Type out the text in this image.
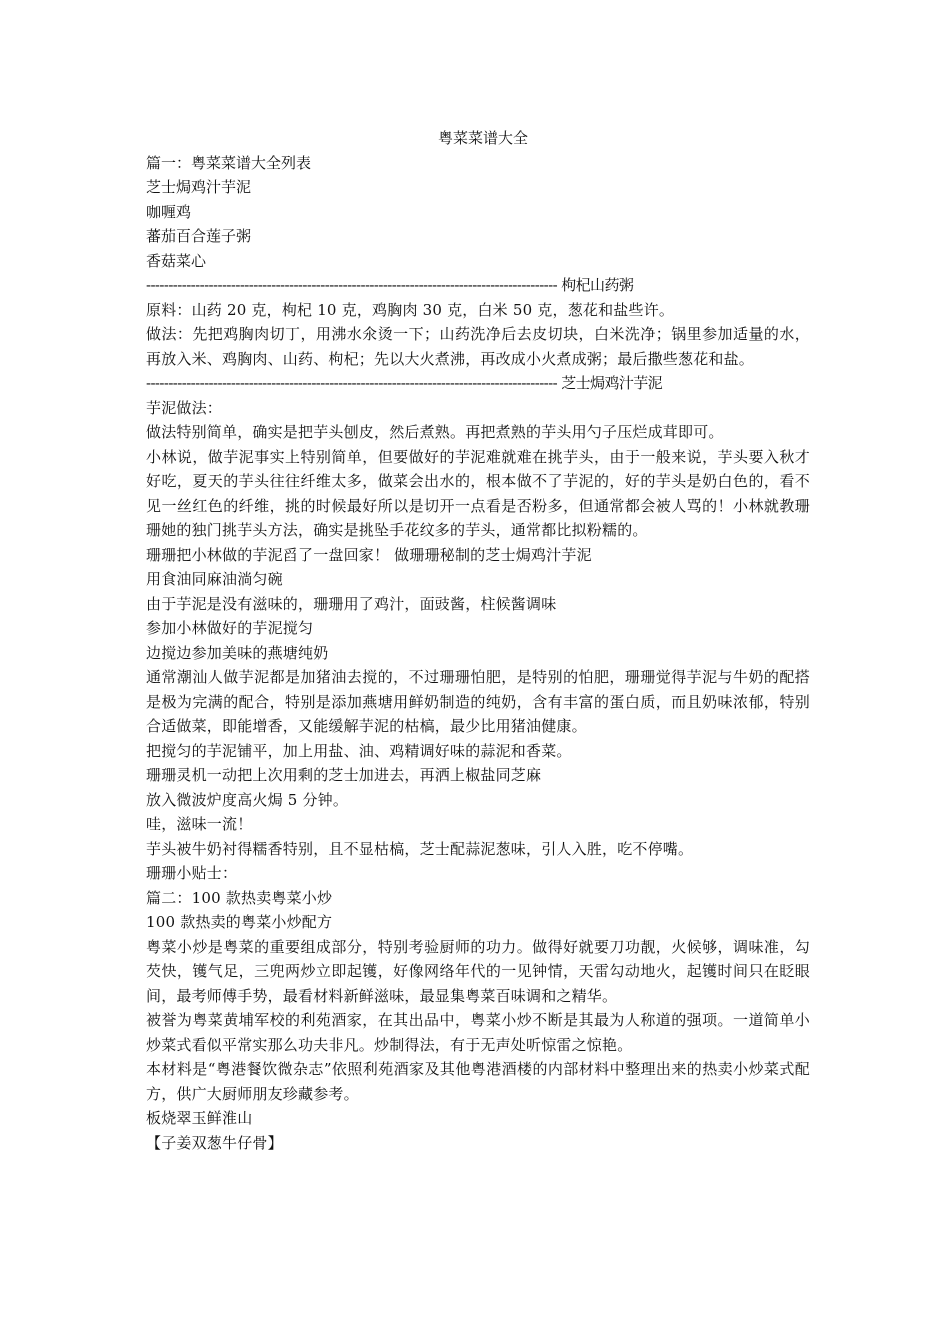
粤菜菜谱大全

篇一：粤菜菜谱大全列表

芝士焗鸡汁芋泥

咖喱鸡

蕃茄百合莲子粥

香菇菜心

-------------------------------------------------------------------------------------------- 枸杞山药粥

原料：山药 20 克，枸杞 10 克，鸡胸肉 30 克，白米 50 克，葱花和盐些许。

做法：先把鸡胸肉切丁，用沸水氽烫一下；山药洗净后去皮切块，白米洗净；锅里参加适量的水，再放入米、鸡胸肉、山药、枸杞；先以大火煮沸，再改成小火煮成粥；最后撒些葱花和盐。

-------------------------------------------------------------------------------------------- 芝士焗鸡汁芋泥

芋泥做法：

做法特别简单，确实是把芋头刨皮，然后煮熟。再把煮熟的芋头用勺子压烂成茸即可。

小林说，做芋泥事实上特别简单，但要做好的芋泥难就难在挑芋头，由于一般来说，芋头要入秋才好吃，夏天的芋头往往纤维太多，做菜会出水的，根本做不了芋泥的，好的芋头是奶白色的，看不见一丝红色的纤维，挑的时候最好所以是切开一点看是否粉多，但通常都会被人骂的！小林就教珊珊她的独门挑芋头方法，确实是挑坠手花纹多的芋头，通常都比拟粉糯的。

珊珊把小林做的芋泥舀了一盘回家！ 做珊珊秘制的芝士焗鸡汁芋泥

用食油同麻油淌匀碗

由于芋泥是没有滋味的，珊珊用了鸡汁，面豉酱，柱候酱调味

参加小林做好的芋泥搅匀

边搅边参加美味的燕塘纯奶

通常潮汕人做芋泥都是加猪油去搅的，不过珊珊怕肥，是特别的怕肥，珊珊觉得芋泥与牛奶的配搭是极为完满的配合，特别是添加燕塘用鲜奶制造的纯奶，含有丰富的蛋白质，而且奶味浓郁，特别合适做菜，即能增香，又能缓解芋泥的枯槁，最少比用猪油健康。

把搅匀的芋泥铺平，加上用盐、油、鸡精调好味的蒜泥和香菜。

珊珊灵机一动把上次用剩的芝士加进去，再洒上椒盐同芝麻

放入微波炉度高火焗 5 分钟。

哇，滋味一流！

芋头被牛奶衬得糯香特别，且不显枯槁，芝士配蒜泥葱味，引人入胜，吃不停嘴。

珊珊小贴士：

篇二：100 款热卖粤菜小炒

100 款热卖的粤菜小炒配方

粤菜小炒是粤菜的重要组成部分，特别考验厨师的功力。做得好就要刀功靓，火候够，调味准，勾芡快，镬气足，三兜两炒立即起镬，好像网络年代的一见钟情，天雷勾动地火，起镬时间只在眨眼间，最考师傅手势，最看材料新鲜滋味，最显集粤菜百味调和之精华。

被誉为粤菜黄埔军校的利苑酒家，在其出品中，粤菜小炒不断是其最为人称道的强项。一道简单小炒菜式看似平常实那么功夫非凡。炒制得法，有于无声处听惊雷之惊艳。

本材料是“粤港餐饮微杂志”依照利苑酒家及其他粤港酒楼的内部材料中整理出来的热卖小炒菜式配方，供广大厨师朋友珍藏参考。

板烧翠玉鲜淮山

【子姜双葱牛仔骨】
